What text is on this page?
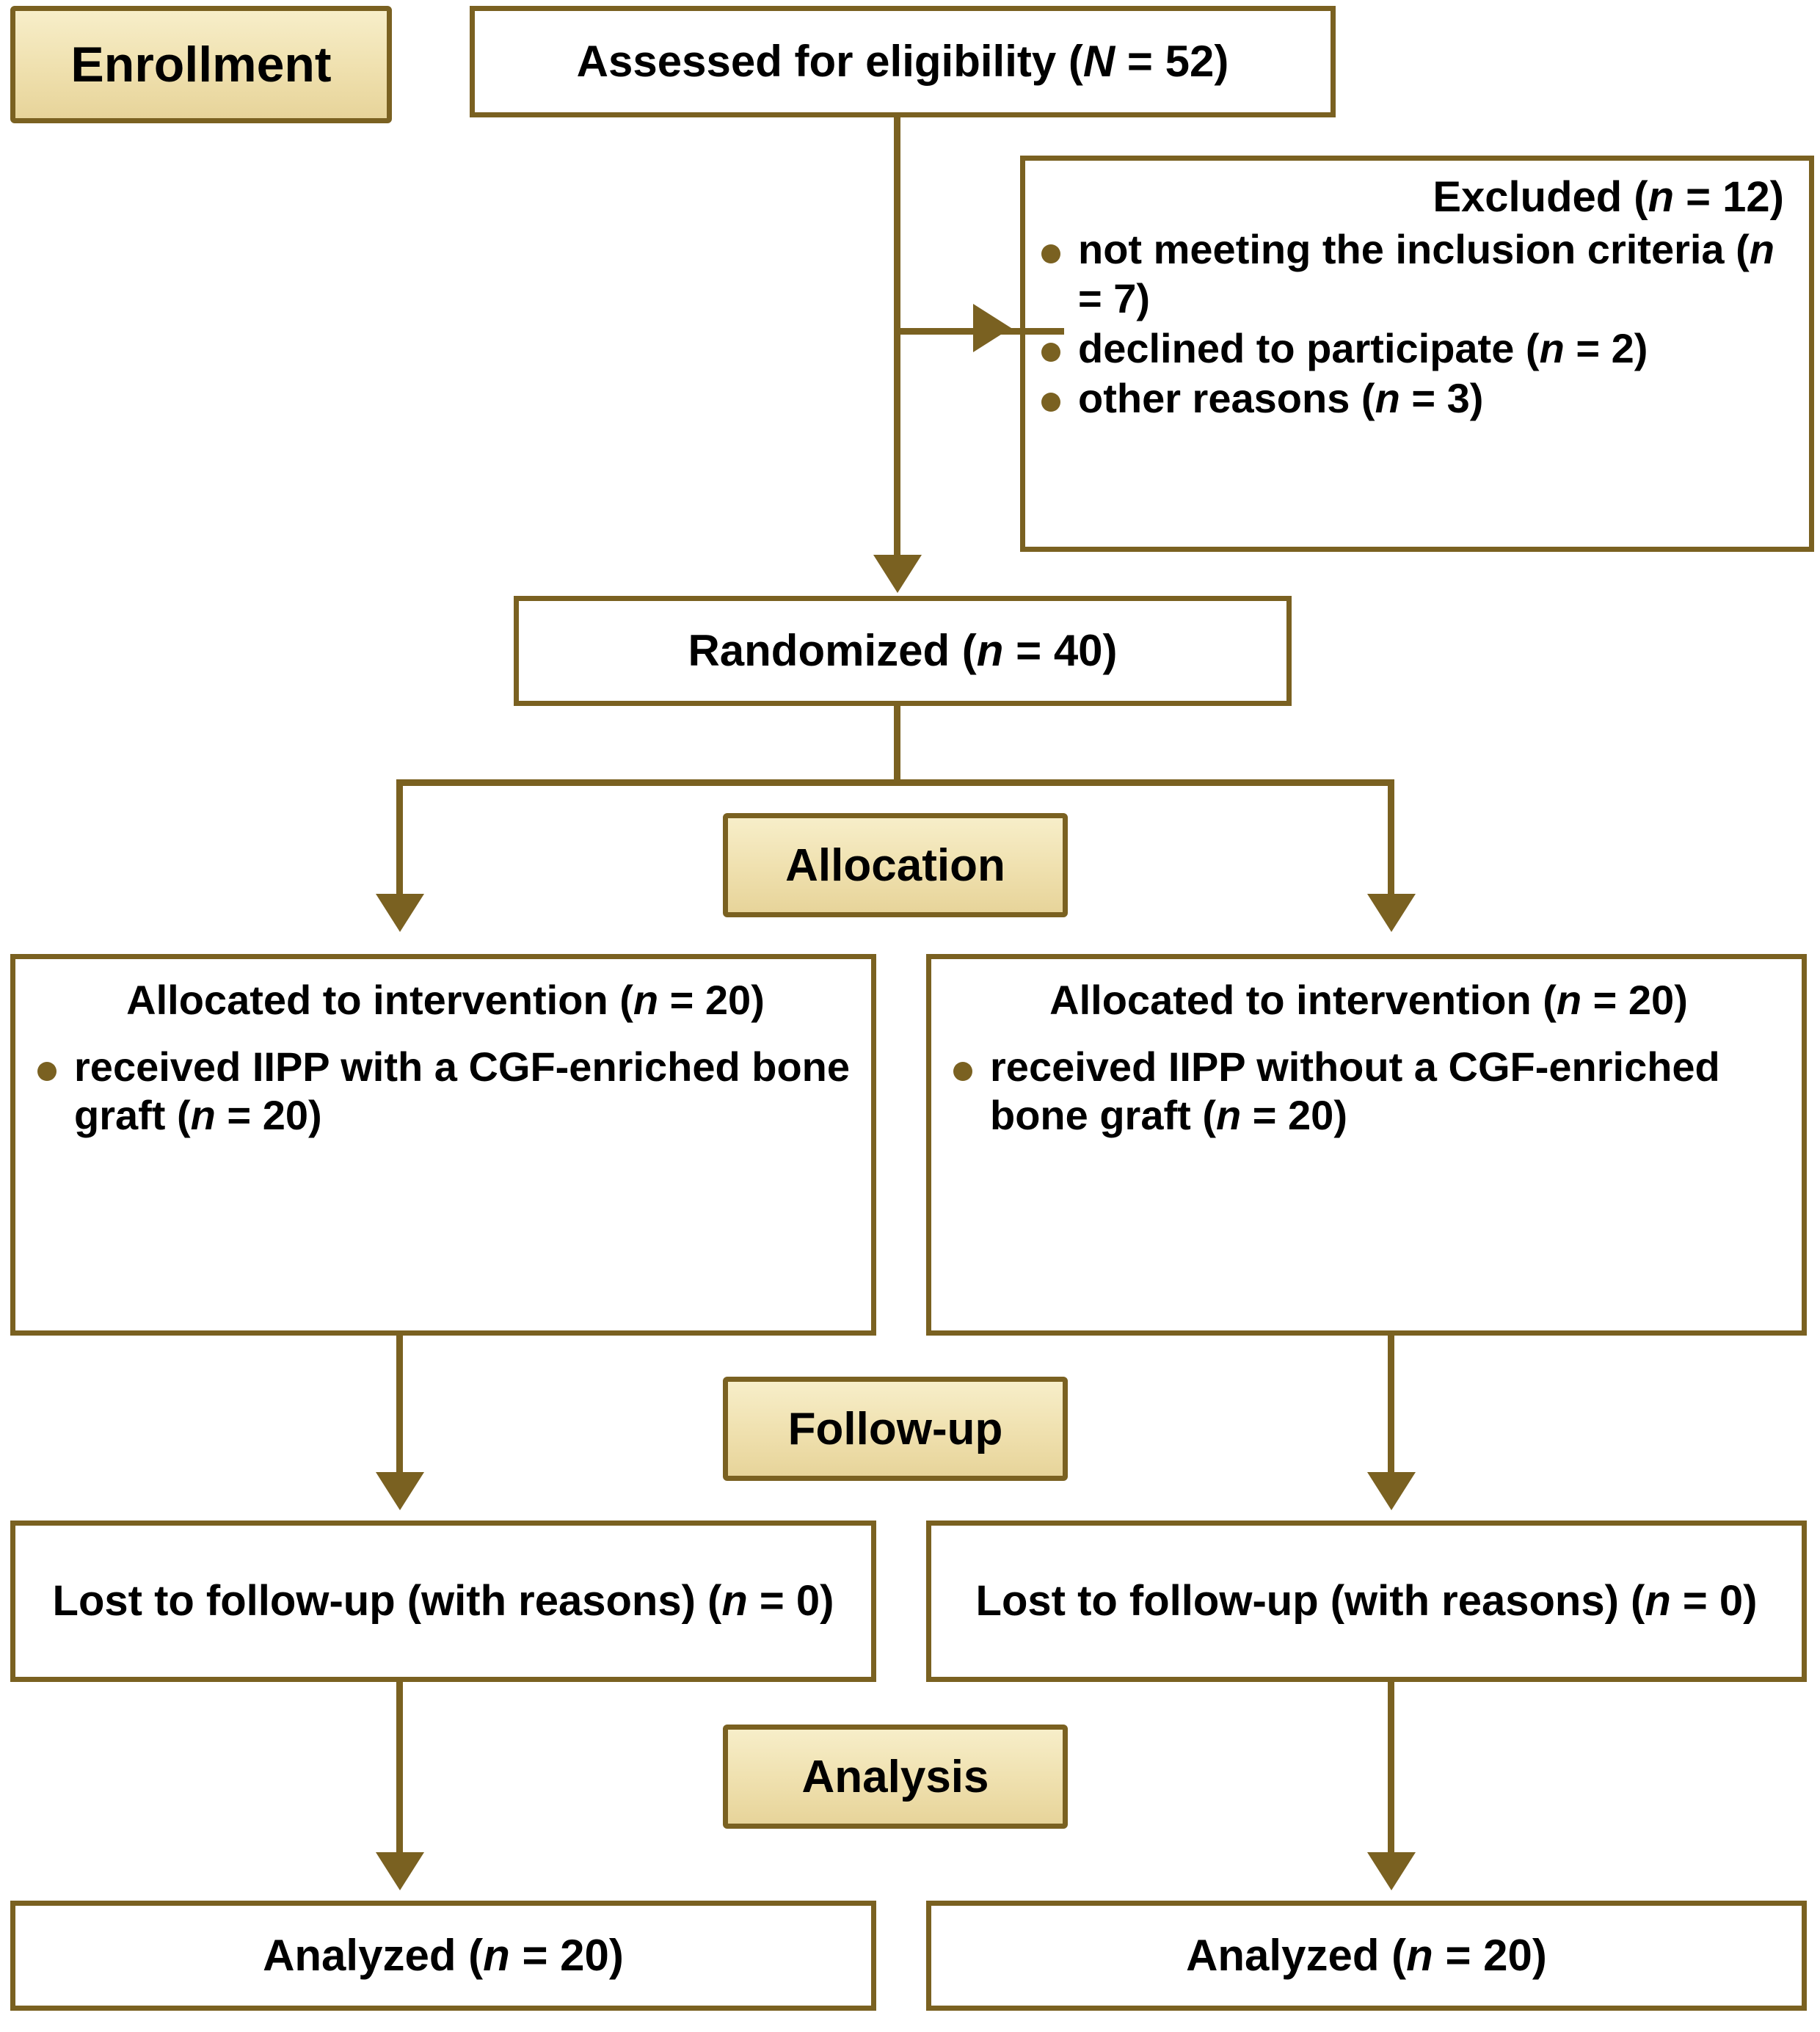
Enrollment
Allocation
Follow-up
Analysis
Assessed for eligibility (N = 52)
Excluded (n = 12)
not meeting the inclusion criteria (n = 7)
declined to participate (n = 2)
other reasons (n = 3)
Randomized (n = 40)
Allocated to intervention (n = 20)
received IIPP with a CGF-enriched bone graft (n = 20)
Allocated to intervention (n = 20)
received IIPP without a CGF-enriched bone graft (n = 20)
Lost to follow-up (with reasons) (n = 0)	Lost to follow-up (with reasons) (n = 0)
Analyzed (n = 20)	Analyzed (n = 20)
